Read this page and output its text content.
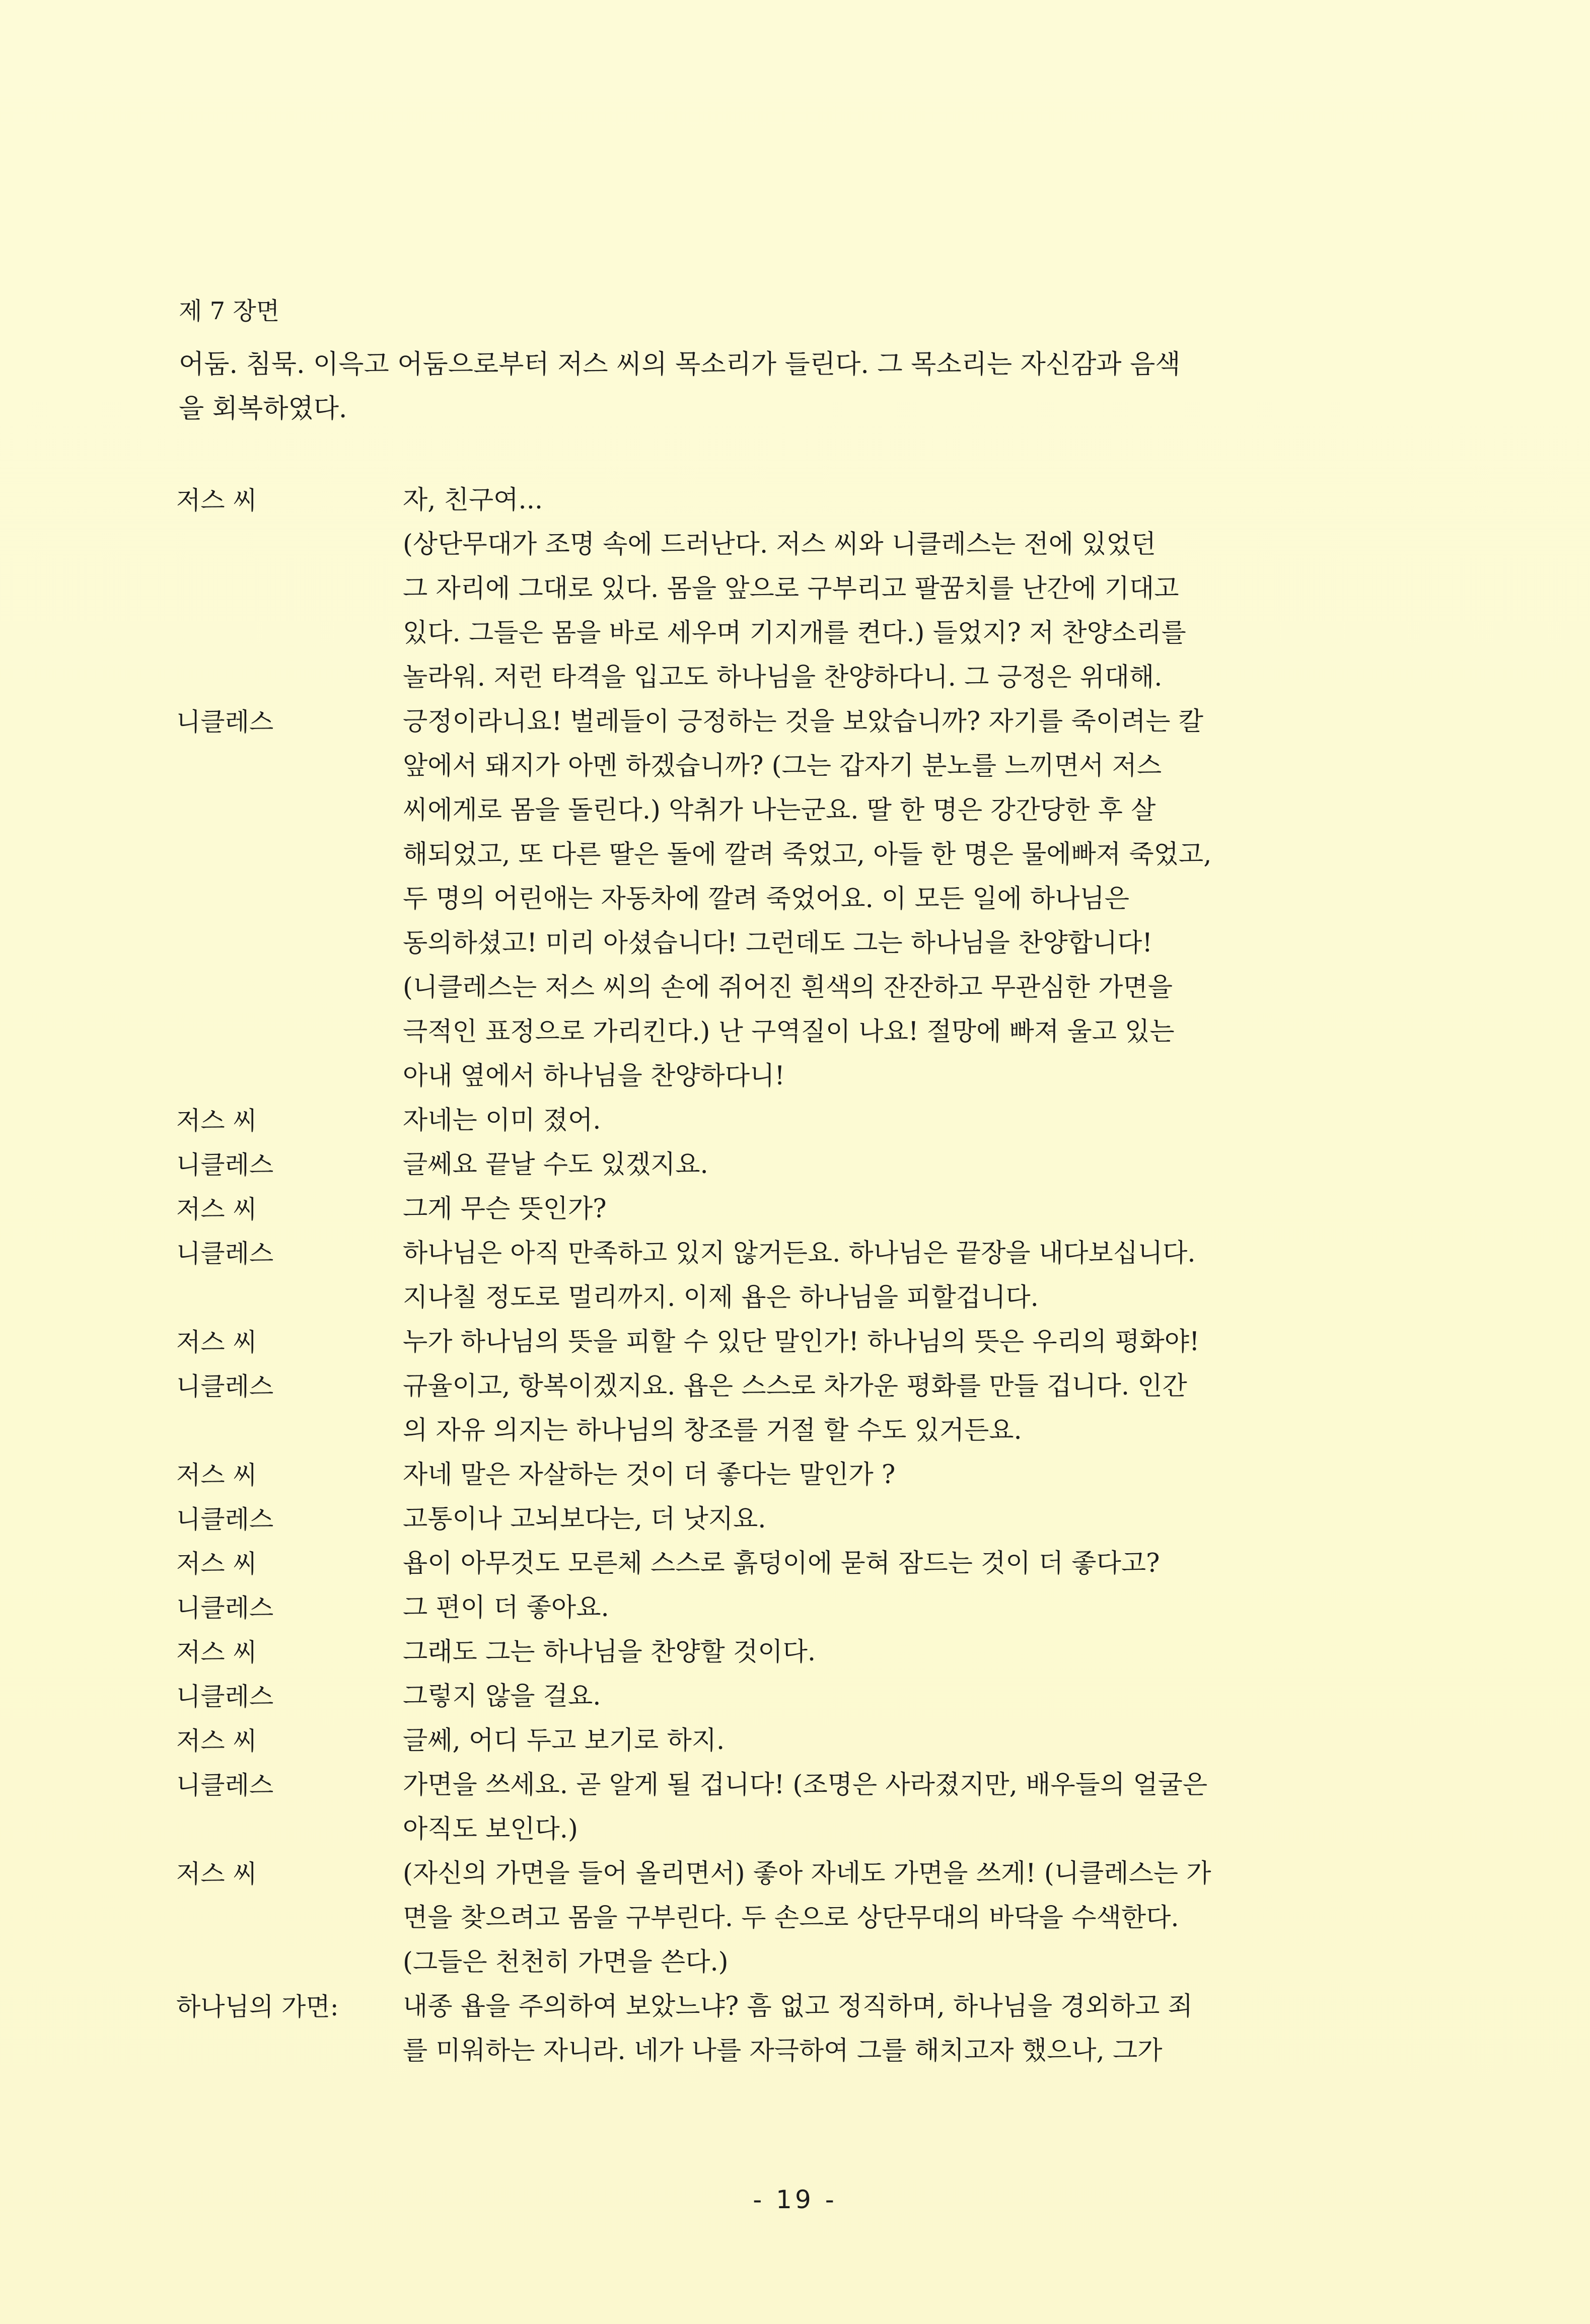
제 7 장면
어둠. 침묵. 이윽고 어둠으로부터 저스 씨의 목소리가 들린다. 그 목소리는 자신감과 음색
을 회복하였다.
저스 씨	자, 친구여...
(상단무대가 조명 속에 드러난다. 저스 씨와 니클레스는 전에 있었던
그 자리에 그대로 있다. 몸을 앞으로 구부리고 팔꿈치를 난간에 기대고
있다. 그들은 몸을 바로 세우며 기지개를 켠다.) 들었지? 저 찬양소리를
놀라워. 저런 타격을 입고도 하나님을 찬양하다니. 그 긍정은 위대해.
니클레스	긍정이라니요! 벌레들이 긍정하는 것을 보았습니까? 자기를 죽이려는 칼
앞에서 돼지가 아멘 하겠습니까? (그는 갑자기 분노를 느끼면서 저스
씨에게로 몸을 돌린다.) 악취가 나는군요. 딸 한 명은 강간당한 후 살
해되었고, 또 다른 딸은 돌에 깔려 죽었고, 아들 한 명은 물에빠져 죽었고,
두 명의 어린애는 자동차에 깔려 죽었어요. 이 모든 일에 하나님은
동의하셨고! 미리 아셨습니다! 그런데도 그는 하나님을 찬양합니다!
(니클레스는 저스 씨의 손에 쥐어진 흰색의 잔잔하고 무관심한 가면을
극적인 표정으로 가리킨다.) 난 구역질이 나요! 절망에 빠져 울고 있는
아내 옆에서 하나님을 찬양하다니!
저스 씨	자네는 이미 졌어.
니클레스	글쎄요 끝날 수도 있겠지요.
저스 씨	그게 무슨 뜻인가?
니클레스	하나님은 아직 만족하고 있지 않거든요. 하나님은 끝장을 내다보십니다.
지나칠 정도로 멀리까지. 이제 욥은 하나님을 피할겁니다.
저스 씨	누가 하나님의 뜻을 피할 수 있단 말인가! 하나님의 뜻은 우리의 평화야!
니클레스	규율이고, 항복이겠지요. 욥은 스스로 차가운 평화를 만들 겁니다. 인간
의 자유 의지는 하나님의 창조를 거절 할 수도 있거든요.
저스 씨	자네 말은 자살하는 것이 더 좋다는 말인가 ?
니클레스	고통이나 고뇌보다는, 더 낫지요.
저스 씨	욥이 아무것도 모른체 스스로 흙덩이에 묻혀 잠드는 것이 더 좋다고?
니클레스	그 편이 더 좋아요.
저스 씨	그래도 그는 하나님을 찬양할 것이다.
니클레스	그렇지 않을 걸요.
저스 씨	글쎄, 어디 두고 보기로 하지.
니클레스	가면을 쓰세요. 곧 알게 될 겁니다! (조명은 사라졌지만, 배우들의 얼굴은
아직도 보인다.)
저스 씨	(자신의 가면을 들어 올리면서) 좋아 자네도 가면을 쓰게! (니클레스는 가
면을 찾으려고 몸을 구부린다. 두 손으로 상단무대의 바닥을 수색한다.
(그들은 천천히 가면을 쓴다.)
하나님의 가면:	내종 욥을 주의하여 보았느냐? 흠 없고 정직하며, 하나님을 경외하고 죄
를 미워하는 자니라. 네가 나를 자극하여 그를 해치고자 했으나, 그가
- 19 -
